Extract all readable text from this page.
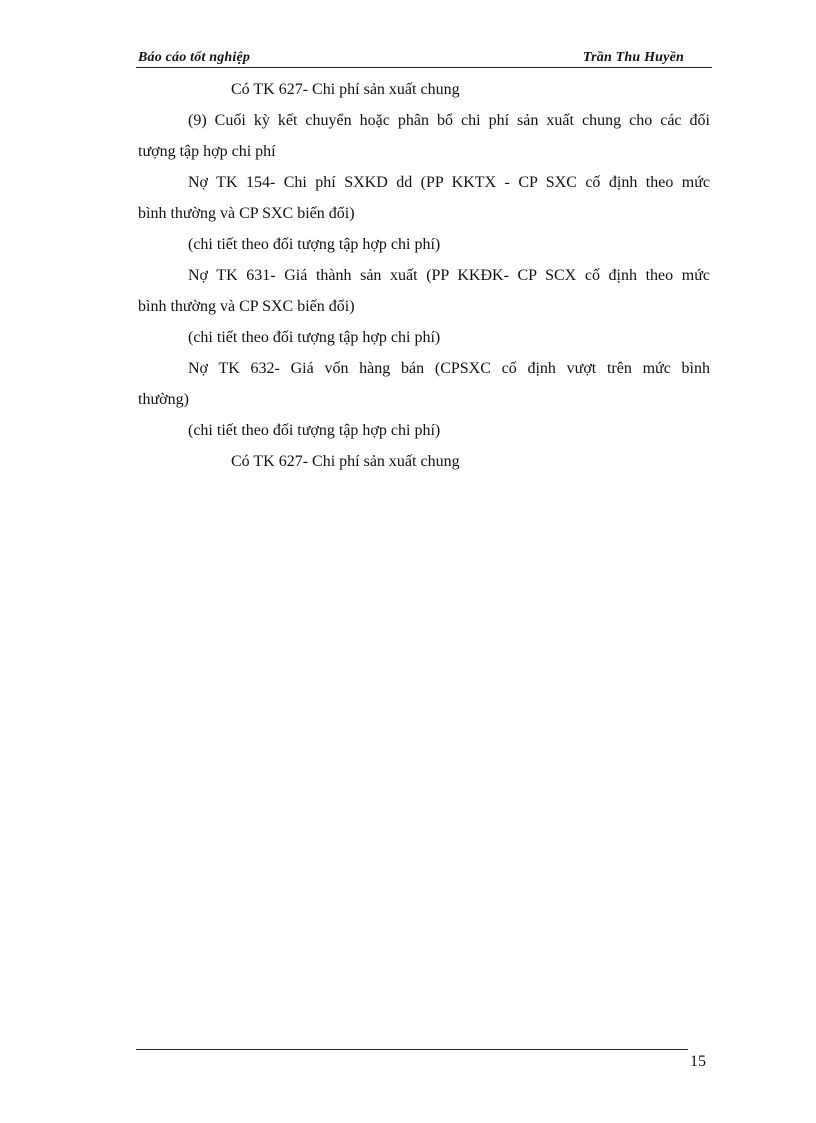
Báo cáo tốt nghiệp	Trần Thu Huyền
Có TK 627- Chi phí sản xuất chung
(9) Cuối kỳ kết chuyển hoặc phân bổ chi phí sản xuất chung cho các đối
tượng tập hợp chi phí
Nợ TK 154- Chi phí SXKD dd (PP KKTX - CP SXC cố định theo mức
bình thường và CP SXC biến đổi)
(chi tiết theo đối tượng tập hợp chi phí)
Nợ TK 631- Giá thành sản xuất (PP KKĐK- CP SCX cố định theo mức
bình thường và CP SXC biến đổi)
(chi tiết theo đối tượng tập hợp chi phí)
Nợ TK 632- Giá vốn hàng bán (CPSXC cố định vượt trên mức bình
thường)
(chi tiết theo đối tượng tập hợp chi phí)
Có TK 627- Chi phí sản xuất chung
15
